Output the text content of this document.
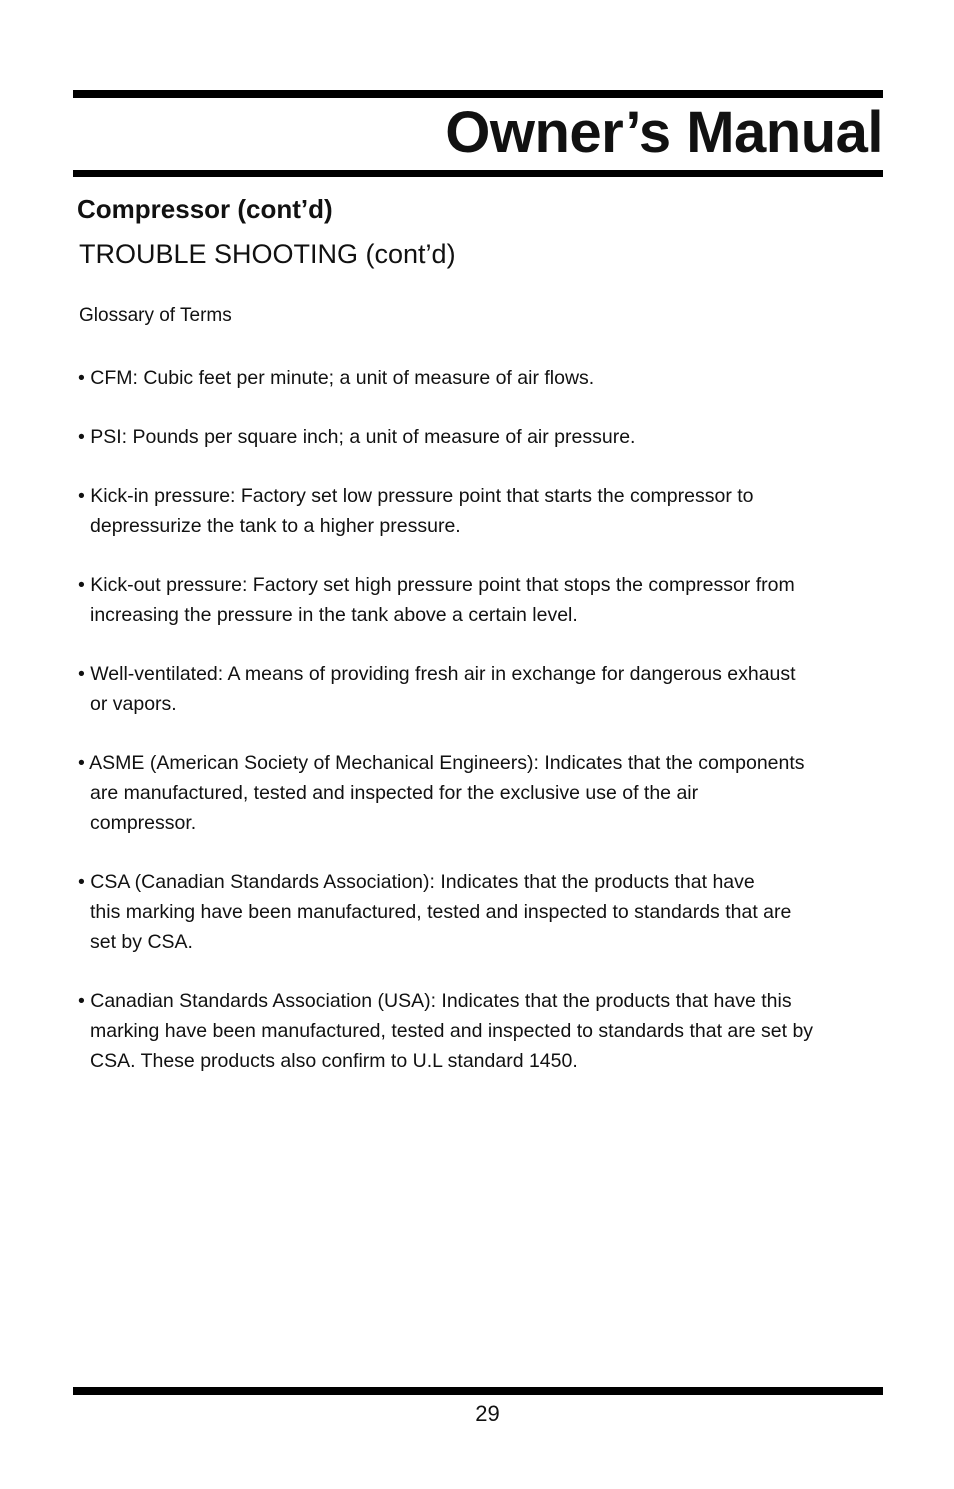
Owner’s Manual
Compressor (cont’d)
TROUBLE SHOOTING (cont’d)

Glossary of Terms

• CFM: Cubic feet per minute; a unit of measure of air flows.
• PSI: Pounds per square inch; a unit of measure of air pressure.
• Kick-in pressure: Factory set low pressure point that starts the compressor to
depressurize the tank to a higher pressure.
• Kick-out pressure: Factory set high pressure point that stops the compressor from
increasing the pressure in the tank above a certain level.
• Well-ventilated: A means of providing fresh air in exchange for dangerous exhaust
or vapors.
• ASME (American Society of Mechanical Engineers): Indicates that the components
are manufactured, tested and inspected for the exclusive use of the air
compressor.
• CSA (Canadian Standards Association): Indicates that the products that have
this marking have been manufactured, tested and inspected to standards that are
set by CSA.
• Canadian Standards Association (USA): Indicates that the products that have this
marking have been manufactured, tested and inspected to standards that are set by
CSA. These products also confirm to U.L standard 1450.

29
